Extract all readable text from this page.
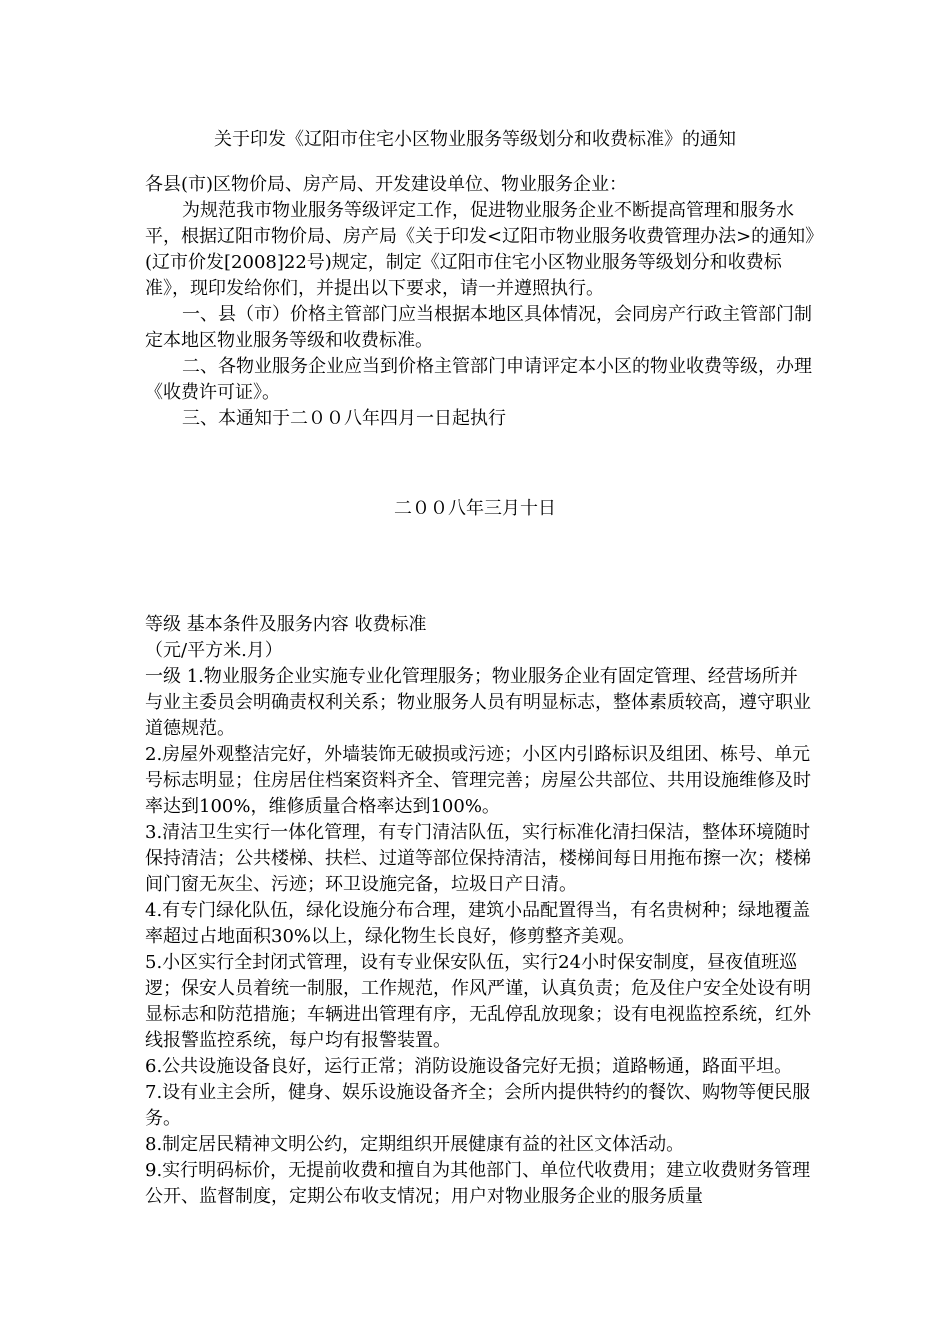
关于印发《辽阳市住宅小区物业服务等级划分和收费标准》的通知

各县(市)区物价局、房产局、开发建设单位、物业服务企业：

为规范我市物业服务等级评定工作，促进物业服务企业不断提高管理和服务水平，根据辽阳市物价局、房产局《关于印发<辽阳市物业服务收费管理办法>的通知》(辽市价发[2008]22号)规定，制定《辽阳市住宅小区物业服务等级划分和收费标准》，现印发给你们，并提出以下要求，请一并遵照执行。

一、县（市）价格主管部门应当根据本地区具体情况，会同房产行政主管部门制定本地区物业服务等级和收费标准。

二、各物业服务企业应当到价格主管部门申请评定本小区的物业收费等级，办理《收费许可证》。

三、本通知于二００八年四月一日起执行

二００八年三月十日

等级 基本条件及服务内容 收费标准

（元/平方米.月）

一级 1.物业服务企业实施专业化管理服务；物业服务企业有固定管理、经营场所并与业主委员会明确责权利关系；物业服务人员有明显标志，整体素质较高，遵守职业道德规范。

2.房屋外观整洁完好，外墙装饰无破损或污迹；小区内引路标识及组团、栋号、单元号标志明显；住房居住档案资料齐全、管理完善；房屋公共部位、共用设施维修及时率达到100%，维修质量合格率达到100%。

3.清洁卫生实行一体化管理，有专门清洁队伍，实行标准化清扫保洁，整体环境随时保持清洁；公共楼梯、扶栏、过道等部位保持清洁，楼梯间每日用拖布擦一次；楼梯间门窗无灰尘、污迹；环卫设施完备，垃圾日产日清。

4.有专门绿化队伍，绿化设施分布合理，建筑小品配置得当，有名贵树种；绿地覆盖率超过占地面积30%以上，绿化物生长良好，修剪整齐美观。

5.小区实行全封闭式管理，设有专业保安队伍，实行24小时保安制度，昼夜值班巡逻；保安人员着统一制服，工作规范，作风严谨，认真负责；危及住户安全处设有明显标志和防范措施；车辆进出管理有序，无乱停乱放现象；设有电视监控系统，红外线报警监控系统，每户均有报警装置。

6.公共设施设备良好，运行正常；消防设施设备完好无损；道路畅通，路面平坦。

7.设有业主会所，健身、娱乐设施设备齐全；会所内提供特约的餐饮、购物等便民服务。

8.制定居民精神文明公约，定期组织开展健康有益的社区文体活动。

9.实行明码标价，无提前收费和擅自为其他部门、单位代收费用；建立收费财务管理公开、监督制度，定期公布收支情况；用户对物业服务企业的服务质量
